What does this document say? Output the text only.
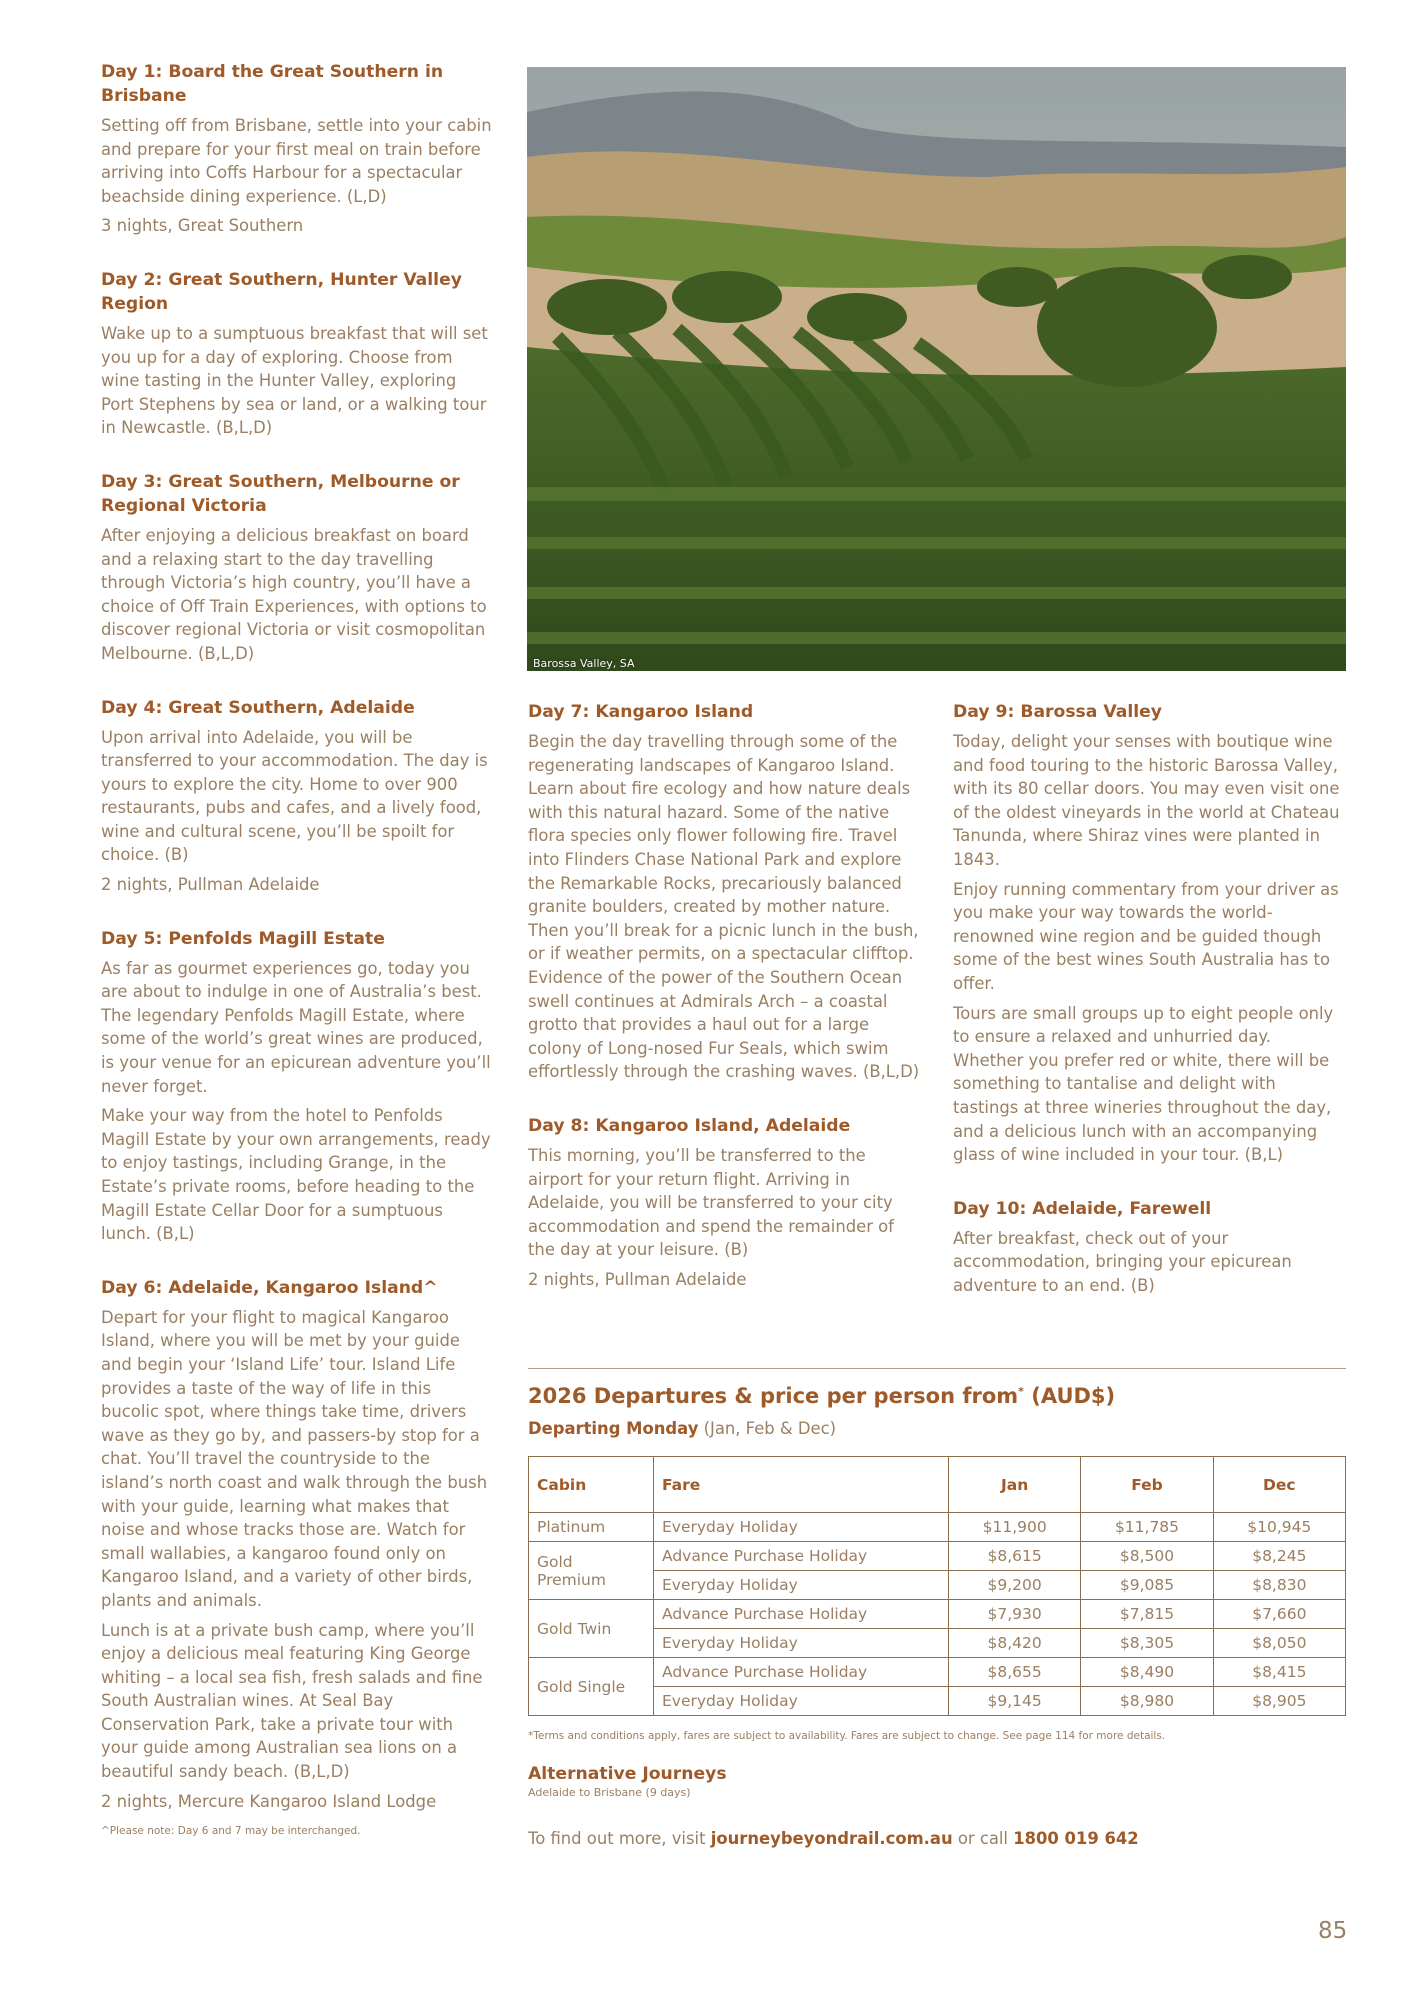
Day 1: Board the Great Southern in Brisbane

Setting off from Brisbane, settle into your cabin and prepare for your first meal on train before arriving into Coffs Harbour for a spectacular beachside dining experience. (L,D)

3 nights, Great Southern

Day 2: Great Southern, Hunter Valley Region

Wake up to a sumptuous breakfast that will set you up for a day of exploring. Choose from wine tasting in the Hunter Valley, exploring Port Stephens by sea or land, or a walking tour in Newcastle. (B,L,D)

Day 3: Great Southern, Melbourne or Regional Victoria

After enjoying a delicious breakfast on board and a relaxing start to the day travelling through Victoria’s high country, you’ll have a choice of Off Train Experiences, with options to discover regional Victoria or visit cosmopolitan Melbourne. (B,L,D)

Day 4: Great Southern, Adelaide

Upon arrival into Adelaide, you will be transferred to your accommodation. The day is yours to explore the city. Home to over 900 restaurants, pubs and cafes, and a lively food, wine and cultural scene, you’ll be spoilt for choice. (B)

2 nights, Pullman Adelaide

Day 5: Penfolds Magill Estate

As far as gourmet experiences go, today you are about to indulge in one of Australia’s best. The legendary Penfolds Magill Estate, where some of the world’s great wines are produced, is your venue for an epicurean adventure you’ll never forget.

Make your way from the hotel to Penfolds Magill Estate by your own arrangements, ready to enjoy tastings, including Grange, in the Estate’s private rooms, before heading to the Magill Estate Cellar Door for a sumptuous lunch. (B,L)

Day 6: Adelaide, Kangaroo Island^

Depart for your flight to magical Kangaroo Island, where you will be met by your guide and begin your ‘Island Life’ tour. Island Life provides a taste of the way of life in this bucolic spot, where things take time, drivers wave as they go by, and passers-by stop for a chat. You’ll travel the countryside to the island’s north coast and walk through the bush with your guide, learning what makes that noise and whose tracks those are. Watch for small wallabies, a kangaroo found only on Kangaroo Island, and a variety of other birds, plants and animals.

Lunch is at a private bush camp, where you’ll enjoy a delicious meal featuring King George whiting – a local sea fish, fresh salads and fine South Australian wines. At Seal Bay Conservation Park, take a private tour with your guide among Australian sea lions on a beautiful sandy beach. (B,L,D)

2 nights, Mercure Kangaroo Island Lodge

^Please note: Day 6 and 7 may be interchanged.

Day 7: Kangaroo Island

Begin the day travelling through some of the regenerating landscapes of Kangaroo Island. Learn about fire ecology and how nature deals with this natural hazard. Some of the native flora species only flower following fire. Travel into Flinders Chase National Park and explore the Remarkable Rocks, precariously balanced granite boulders, created by mother nature. Then you’ll break for a picnic lunch in the bush, or if weather permits, on a spectacular clifftop. Evidence of the power of the Southern Ocean swell continues at Admirals Arch – a coastal grotto that provides a haul out for a large colony of Long-nosed Fur Seals, which swim effortlessly through the crashing waves. (B,L,D)

Day 8: Kangaroo Island, Adelaide

This morning, you’ll be transferred to the airport for your return flight. Arriving in Adelaide, you will be transferred to your city accommodation and spend the remainder of the day at your leisure. (B)

2 nights, Pullman Adelaide

Day 9: Barossa Valley

Today, delight your senses with boutique wine and food touring to the historic Barossa Valley, with its 80 cellar doors. You may even visit one of the oldest vineyards in the world at Chateau Tanunda, where Shiraz vines were planted in 1843.

Enjoy running commentary from your driver as you make your way towards the world-renowned wine region and be guided though some of the best wines South Australia has to offer.

Tours are small groups up to eight people only to ensure a relaxed and unhurried day. Whether you prefer red or white, there will be something to tantalise and delight with tastings at three wineries throughout the day, and a delicious lunch with an accompanying glass of wine included in your tour. (B,L)

Day 10: Adelaide, Farewell

After breakfast, check out of your accommodation, bringing your epicurean adventure to an end. (B)

Barossa Valley, SA
2026 Departures & price per person from* (AUD$)

Departing Monday (Jan, Feb & Dec)

Cabin	Fare	Jan	Feb	Dec
Platinum	Everyday Holiday	$11,900	$11,785	$10,945
Gold Premium	Advance Purchase Holiday	$8,615	$8,500	$8,245
	Everyday Holiday	$9,200	$9,085	$8,830
Gold Twin	Advance Purchase Holiday	$7,930	$7,815	$7,660
	Everyday Holiday	$8,420	$8,305	$8,050
Gold Single	Advance Purchase Holiday	$8,655	$8,490	$8,415
	Everyday Holiday	$9,145	$8,980	$8,905

*Terms and conditions apply, fares are subject to availability. Fares are subject to change. See page 114 for more details.

Alternative Journeys

Adelaide to Brisbane (9 days)

To find out more, visit journeybeyondrail.com.au or call 1800 019 642

85
